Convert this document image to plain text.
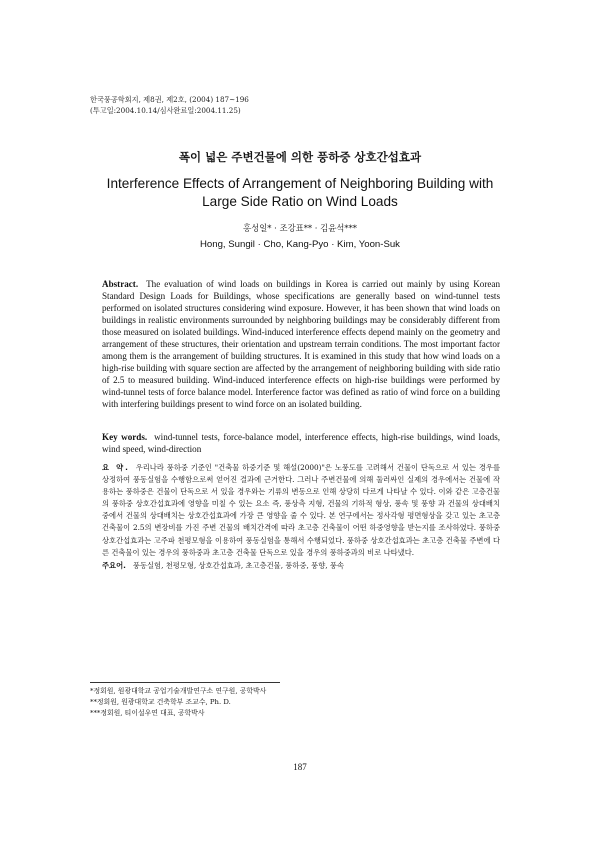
한국풍공학회지, 제8권, 제2호, (2004) 187~196
(투고일:2004.10.14/심사완료일:2004.11.25)
폭이 넓은 주변건물에 의한 풍하중 상호간섭효과
Interference Effects of Arrangement of Neighboring Building with
Large Side Ratio on Wind Loads
홍성일* · 조강표** · 김윤석***
Hong, Sungil · Cho, Kang-Pyo · Kim, Yoon-Suk
Abstract. The evaluation of wind loads on buildings in Korea is carried out mainly by using Korean Standard Design Loads for Buildings, whose specifications are generally based on wind-tunnel tests performed on isolated structures considering wind exposure. However, it has been shown that wind loads on buildings in realistic environments surrounded by neighboring buildings may be considerably different from those measured on isolated buildings. Wind-induced interference effects depend mainly on the geometry and arrangement of these structures, their orientation and upstream terrain conditions. The most important factor among them is the arrangement of building structures. It is examined in this study that how wind loads on a high-rise building with square section are affected by the arrangement of neighboring building with side ratio of 2.5 to measured building. Wind-induced interference effects on high-rise buildings were performed by wind-tunnel tests of force balance model. Interference factor was defined as ratio of wind force on a building with interfering buildings present to wind force on an isolated building.
Key words. wind-tunnel tests, force-balance model, interference effects, high-rise buildings, wind loads, wind speed, wind-direction
요 약. 우리나라 풍하중 기준인 "건축물 하중기준 및 해설(2000)"은 노풍도를 고려해서 건물이 단독으로 서 있는 경우를 상정하여 풍동실험을 수행함으로써 얻어진 결과에 근거한다. 그러나 주변건물에 의해 둘러싸인 실제의 경우에서는 건물에 작용하는 풍하중은 건물이 단독으로 서 있을 경우와는 기류의 변동으로 인해 상당히 다르게 나타날 수 있다. 이와 같은 고층건물의 풍하중 상호간섭효과에 영향을 미칠 수 있는 요소 즉, 풍상측 지형, 건물의 기하적 형상, 풍속 및 풍향 과 건물의 상대배치 중에서 건물의 상대배치는 상호간섭효과에 가장 큰 영향을 줄 수 있다. 본 연구에서는 정사각형 평면형상을 갖고 있는 초고층 건축물이 2.5의 변장비를 가진 주변 건물의 배치간격에 따라 초고층 건축물이 어떤 하중영향을 받는지를 조사하였다. 풍하중 상호간섭효과는 고주파 천평모형을 이용하여 풍동실험을 통해서 수행되었다. 풍하중 상호간섭효과는 초고층 건축물 주변에 다른 건축물이 있는 경우의 풍하중과 초고층 건축물 단독으로 있을 경우의 풍하중과의 비로 나타냈다.
주요어. 풍동실험, 천평모형, 상호간섭효과, 초고층건물, 풍하중, 풍향, 풍속
*정회원, 원광대학교 공업기술개발연구소 연구원, 공학박사
**정회원, 원광대학교 건축학부 조교수, Ph. D.
***정회원, 티이설우연 대표, 공학박사
187
